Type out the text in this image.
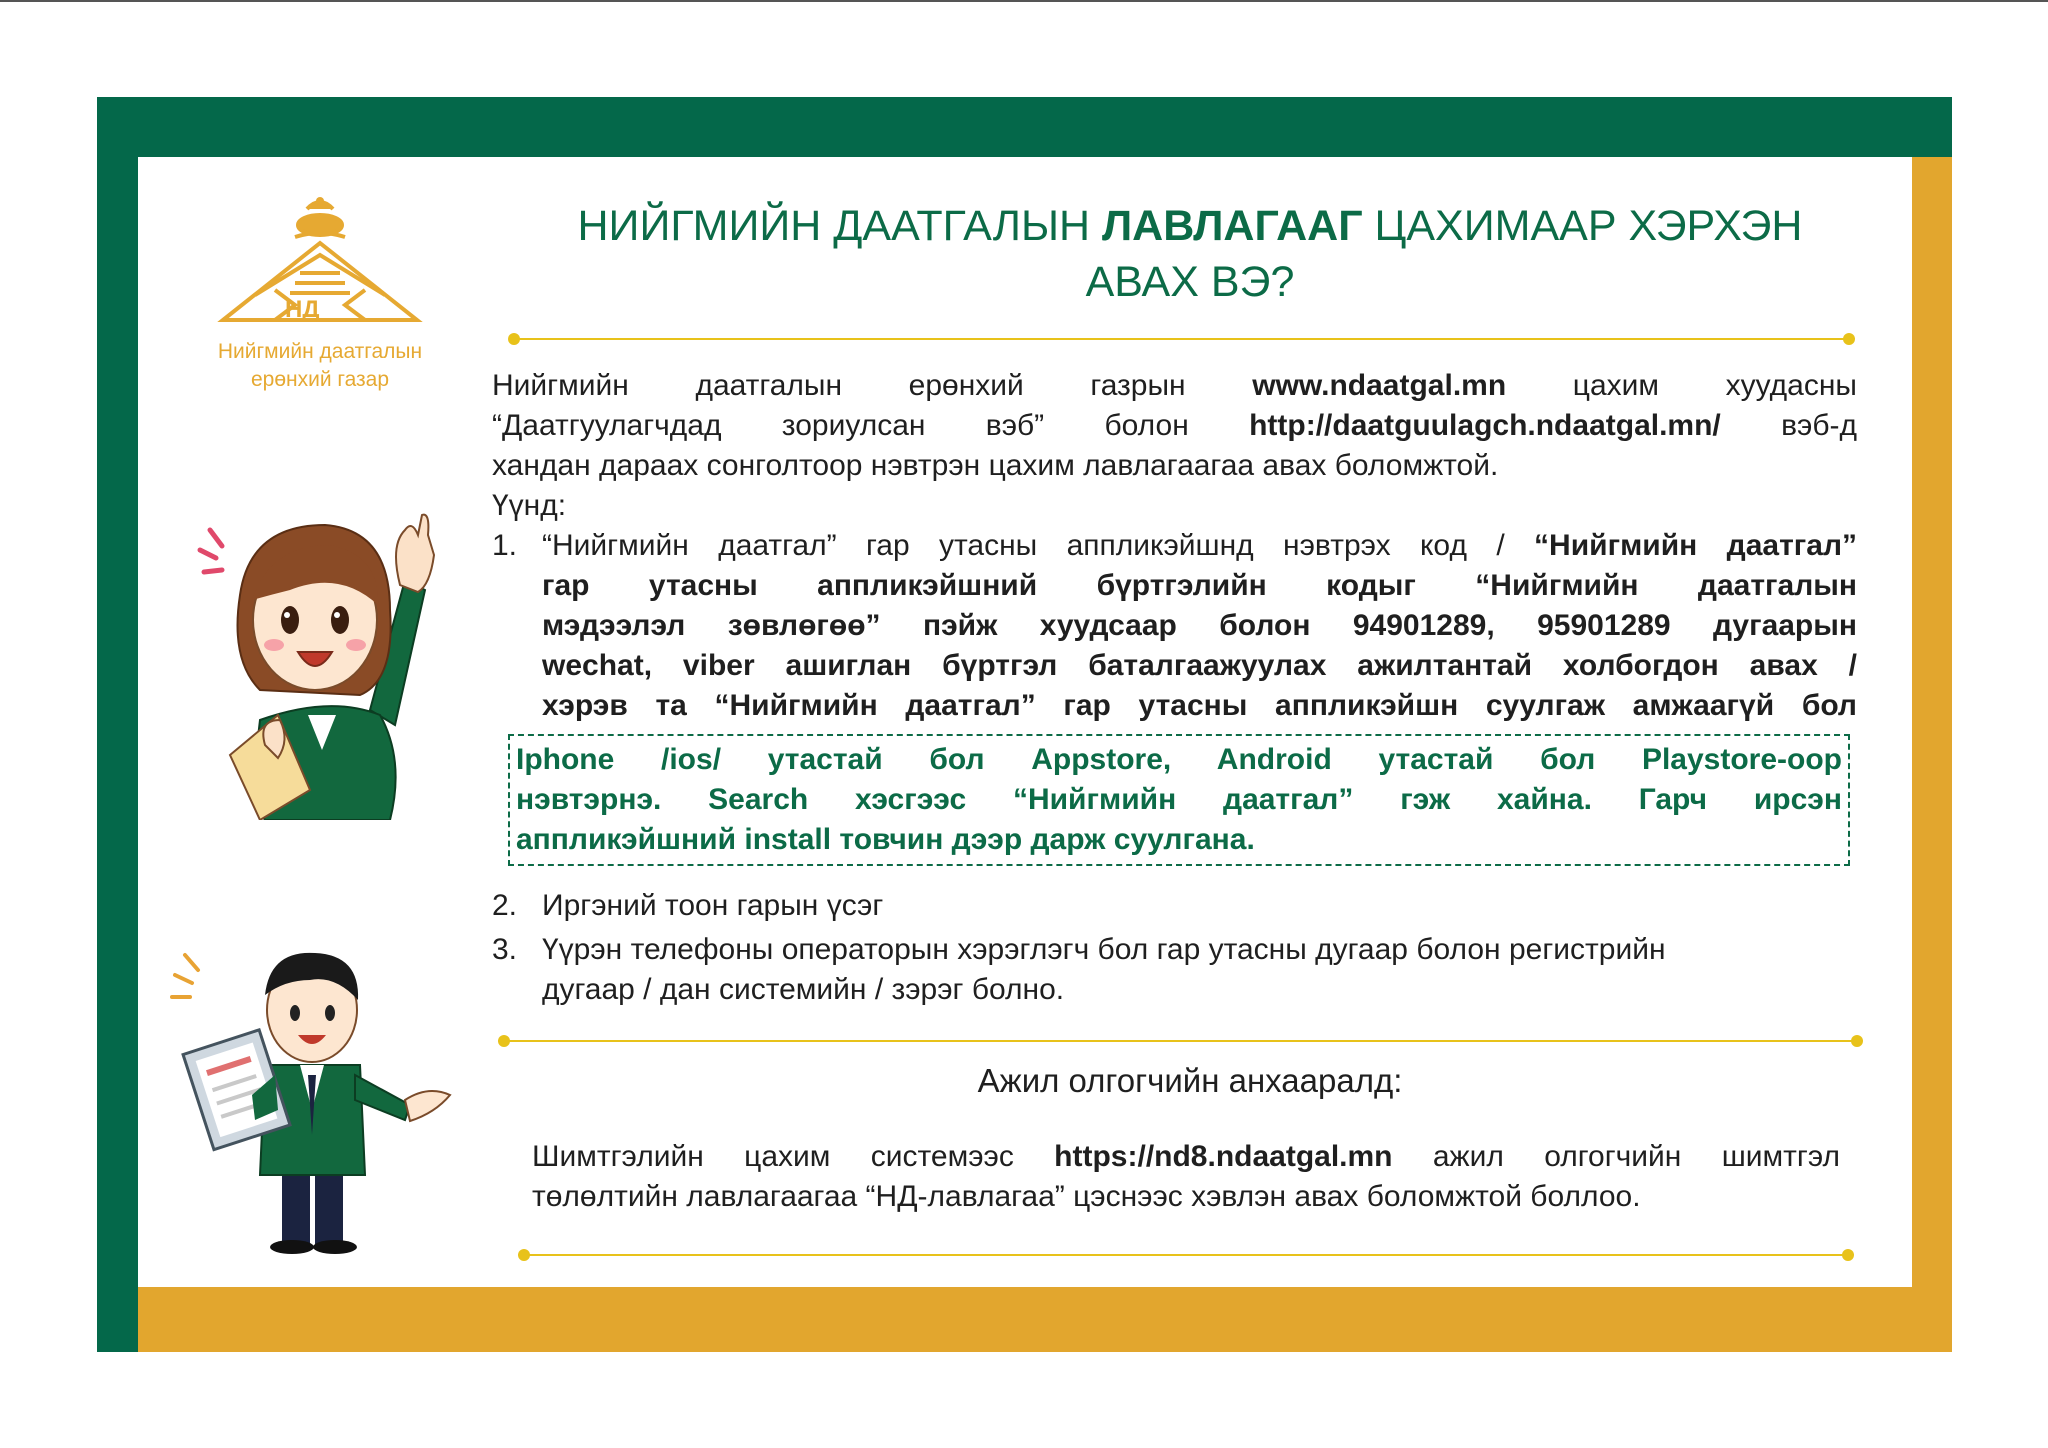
НД
Нийгмийн даатгалын
ерөнхий газар
НИЙГМИЙН ДААТГАЛЫН ЛАВЛАГААГ ЦАХИМААР ХЭРХЭН
АВАХ ВЭ?
Нийгмийн даатгалын ерөнхий газрын www.ndaatgal.mn цахим хуудасны
“Даатгуулагчдад зориулсан вэб” болон http://daatguulagch.ndaatgal.mn/ вэб-д
хандан дараах сонголтоор нэвтрэн цахим лавлагаагаа авах боломжтой.
Үүнд:
1. “Нийгмийн даатгал” гар утасны аппликэйшнд нэвтрэх код / “Нийгмийн даатгал”
гар утасны аппликэйшний бүртгэлийн кодыг “Нийгмийн даатгалын
мэдээлэл зөвлөгөө” пэйж хуудсаар болон 94901289, 95901289 дугаарын
wechat, viber ашиглан бүртгэл баталгаажуулах ажилтантай холбогдон авах /
хэрэв та “Нийгмийн даатгал” гар утасны аппликэйшн суулгаж амжаагүй бол
Iphone /ios/ утастай бол Appstore, Android утастай бол Playstore-оор
нэвтэрнэ. Search хэсгээс “Нийгмийн даатгал” гэж хайна. Гарч ирсэн
аппликэйшний install товчин дээр дарж суулгана.
2. Иргэний тоон гарын үсэг
3. Үүрэн телефоны операторын хэрэглэгч бол гар утасны дугаар болон регистрийн
дугаар / дан системийн / зэрэг болно.
Ажил олгогчийн анхааралд:
Шимтгэлийн цахим системээс https://nd8.ndaatgal.mn ажил олгогчийн шимтгэл
төлөлтийн лавлагаагаа “НД-лавлагаа” цэснээс хэвлэн авах боломжтой боллоо.
